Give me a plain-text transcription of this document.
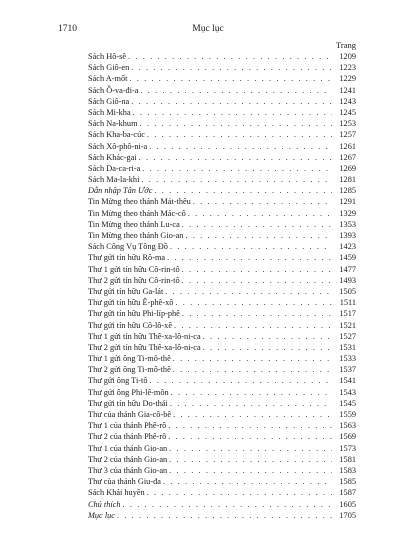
1710	Mục lục
Trang
Sách Hô-sê . . .	1209
Sách Giô-en . . .	1223
Sách A-mốt . . .	1229
Sách Ô-va-đi-a . . .	1241
Sách Giô-na . . .	1243
Sách Mi-kha . . .	1245
Sách Na-khum . . .	1253
Sách Kha-ba-cúc . . .	1257
Sách Xô-phô-ni-a . . .	1261
Sách Khác-gai . . .	1267
Sách Da-ca-ri-a . . .	1269
Sách Ma-la-khi . . .	1281
Dẫn nhập Tân Ước . . .	1285
Tin Mừng theo thánh Mát-thêu . . .	1291
Tin Mừng theo thánh Mác-cô . . .	1329
Tin Mừng theo thánh Lu-ca . . .	1353
Tin Mừng theo thánh Gio-an . . .	1393
Sách Công Vụ Tông Đồ . . .	1423
Thư gửi tín hữu Rô-ma . . .	1459
Thư 1 gửi tín hữu Cô-rin-tô . . .	1477
Thư 2 gửi tín hữu Cô-rin-tô . . .	1493
Thư gửi tín hữu Ga-lát . . .	1505
Thư gửi tín hữu Ê-phê-xô . . .	1511
Thư gửi tín hữu Phi-líp-phê . . .	1517
Thư gửi tín hữu Cô-lô-xê . . .	1521
Thư 1 gửi tín hữu Thê-xa-lô-ni-ca . . .	1527
Thư 2 gửi tín hữu Thê-xa-lô-ni-ca . . .	1531
Thư 1 gửi ông Ti-mô-thê . . .	1533
Thư 2 gửi ông Ti-mô-thê . . .	1537
Thư gửi ông Ti-tô . . .	1541
Thư gửi ông Phi-lê-môn . . .	1543
Thư gửi tín hữu Do-thái . . .	1545
Thư của thánh Gia-cô-bê . . .	1559
Thư 1 của thánh Phê-rô . . .	1563
Thư 2 của thánh Phê-rô . . .	1569
Thư 1 của thánh Gio-an . . .	1573
Thư 2 của thánh Gio-an . . .	1581
Thư 3 của thánh Gio-an . . .	1583
Thư của thánh Giu-đa . . .	1585
Sách Khải huyền . . .	1587
Chú thích . . .	1605
Mục lục . . .	1705
